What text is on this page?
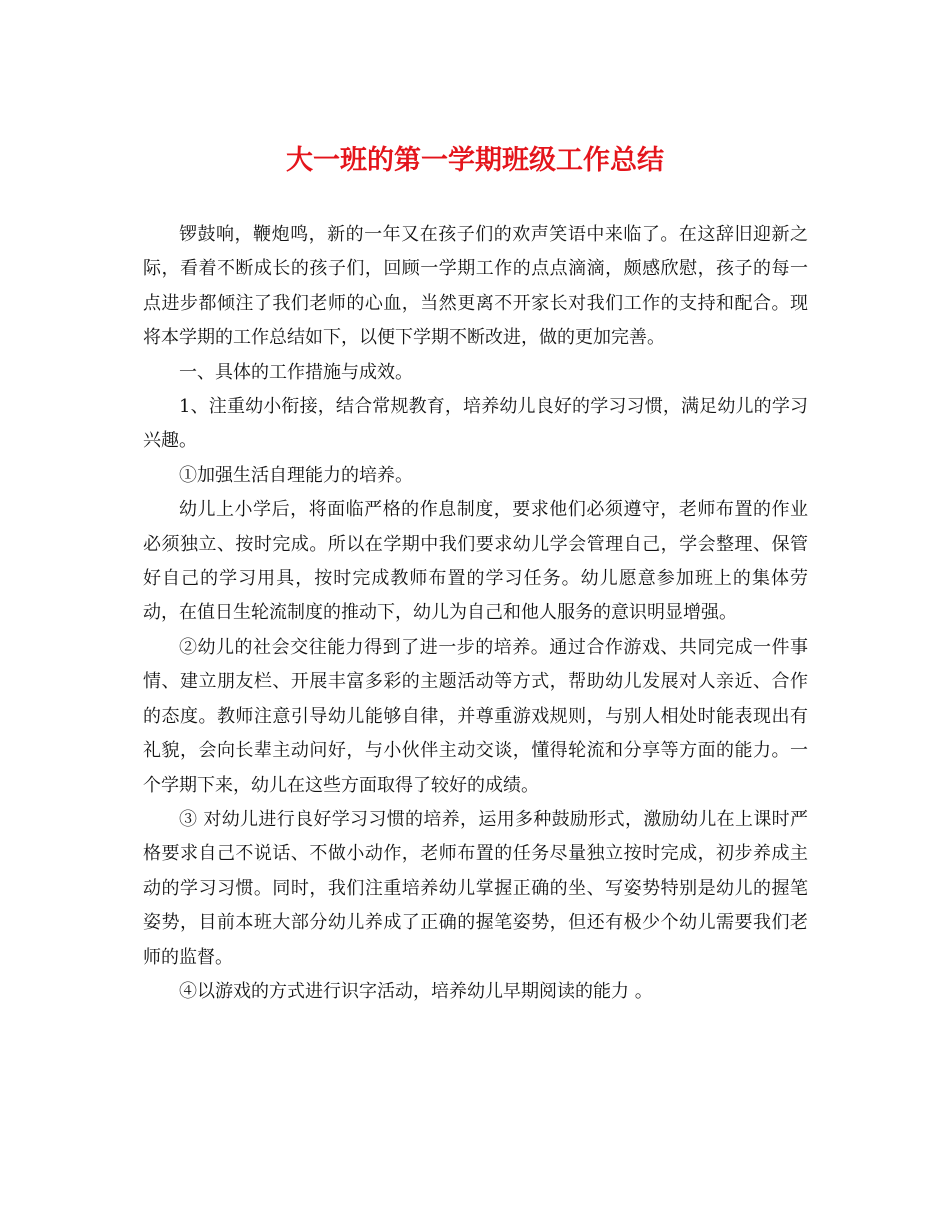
大一班的第一学期班级工作总结

锣鼓响，鞭炮鸣，新的一年又在孩子们的欢声笑语中来临了。在这辞旧迎新之际，看着不断成长的孩子们，回顾一学期工作的点点滴滴，颇感欣慰，孩子的每一点进步都倾注了我们老师的心血，当然更离不开家长对我们工作的支持和配合。现将本学期的工作总结如下，以便下学期不断改进，做的更加完善。

一、具体的工作措施与成效。

1、注重幼小衔接，结合常规教育，培养幼儿良好的学习习惯，满足幼儿的学习兴趣。

①加强生活自理能力的培养。

幼儿上小学后，将面临严格的作息制度，要求他们必须遵守，老师布置的作业必须独立、按时完成。所以在学期中我们要求幼儿学会管理自己，学会整理、保管好自己的学习用具，按时完成教师布置的学习任务。幼儿愿意参加班上的集体劳动，在值日生轮流制度的推动下，幼儿为自己和他人服务的意识明显增强。

②幼儿的社会交往能力得到了进一步的培养。通过合作游戏、共同完成一件事情、建立朋友栏、开展丰富多彩的主题活动等方式，帮助幼儿发展对人亲近、合作的态度。教师注意引导幼儿能够自律，并尊重游戏规则，与别人相处时能表现出有礼貌，会向长辈主动问好，与小伙伴主动交谈，懂得轮流和分享等方面的能力。一个学期下来，幼儿在这些方面取得了较好的成绩。

③ 对幼儿进行良好学习习惯的培养，运用多种鼓励形式，激励幼儿在上课时严格要求自己不说话、不做小动作，老师布置的任务尽量独立按时完成，初步养成主动的学习习惯。同时，我们注重培养幼儿掌握正确的坐、写姿势特别是幼儿的握笔姿势，目前本班大部分幼儿养成了正确的握笔姿势，但还有极少个幼儿需要我们老师的监督。

④以游戏的方式进行识字活动，培养幼儿早期阅读的能力 。
